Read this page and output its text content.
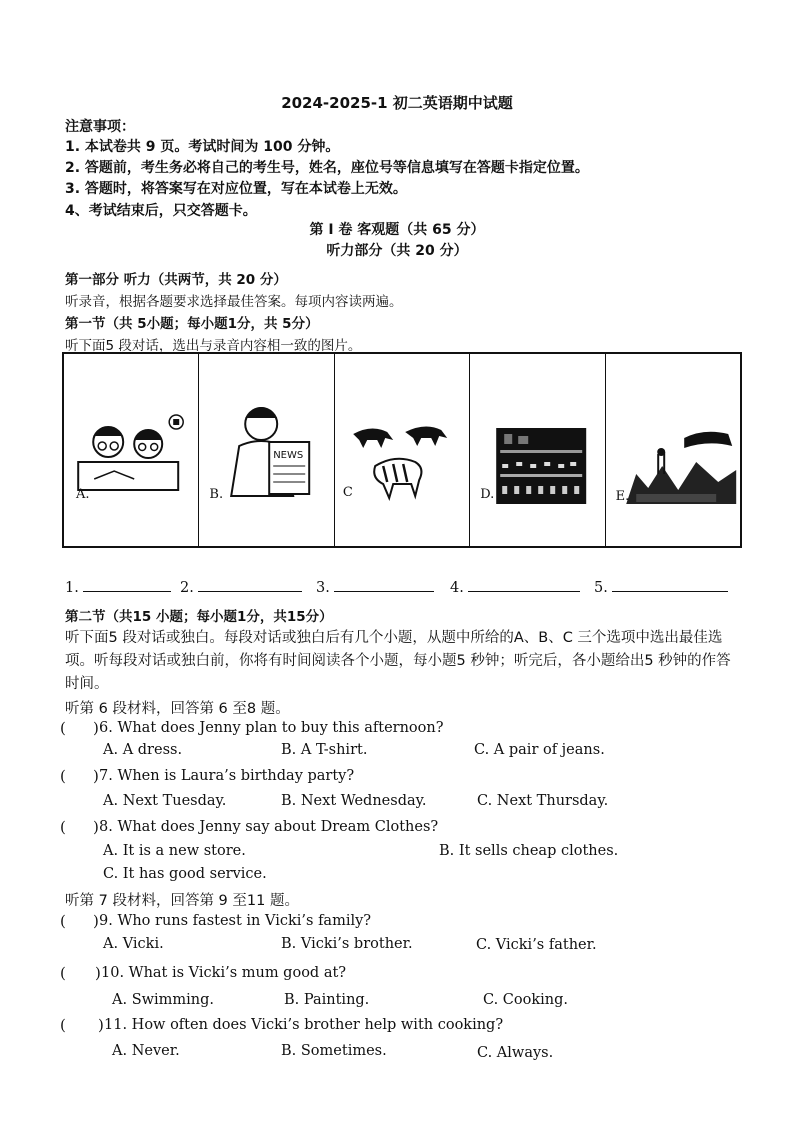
2024-2025-1 初二英语期中试题
注意事项：
1. 本试卷共 9 页。考试时间为 100 分钟。
2. 答题前，考生务必将自己的考生号，姓名，座位号等信息填写在答题卡指定位置。
3. 答题时，将答案写在对应位置，写在本试卷上无效。
4、考试结束后，只交答题卡。
第 I 卷 客观题（共 65 分）
听力部分（共 20 分）
第一部分 听力（共两节，共 20 分）
听录音，根据各题要求选择最佳答案。每项内容读两遍。
第一节（共 5小题；每小题1分，共 5分）
听下面5 段对话，选出与录音内容相一致的图片。
A.
NEWS
B.	C	D.	E.
1.	2.	3.	4.	5.
第二节（共15 小题；每小题1分，共15分）
听下面5 段对话或独白。每段对话或独白后有几个小题，从题中所给的A、B、C 三个选项中选出最佳选项。听每段对话或独白前，你将有时间阅读各个小题，每小题5 秒钟；听完后，各小题给出5 秒钟的作答时间。
听第 6 段材料，回答第 6 至8 题。
( ) 6. What does Jenny plan to buy this afternoon?
A. A dress.	B. A T-shirt.	C. A pair of jeans.
( ) 7. When is Laura’s birthday party?
A. Next Tuesday.	B. Next Wednesday.	C. Next Thursday.
( ) 8. What does Jenny say about Dream Clothes?
A. It is a new store.	B. It sells cheap clothes.
C. It has good service.
听第 7 段材料，回答第 9 至11 题。
( ) 9. Who runs fastest in Vicki’s family?
A. Vicki.	B. Vicki’s brother.	C. Vicki’s father.
( ) 10. What is Vicki’s mum good at?
A. Swimming.	B. Painting.	C. Cooking.
( ) 11. How often does Vicki’s brother help with cooking?
A. Never.	B. Sometimes.	C. Always.
